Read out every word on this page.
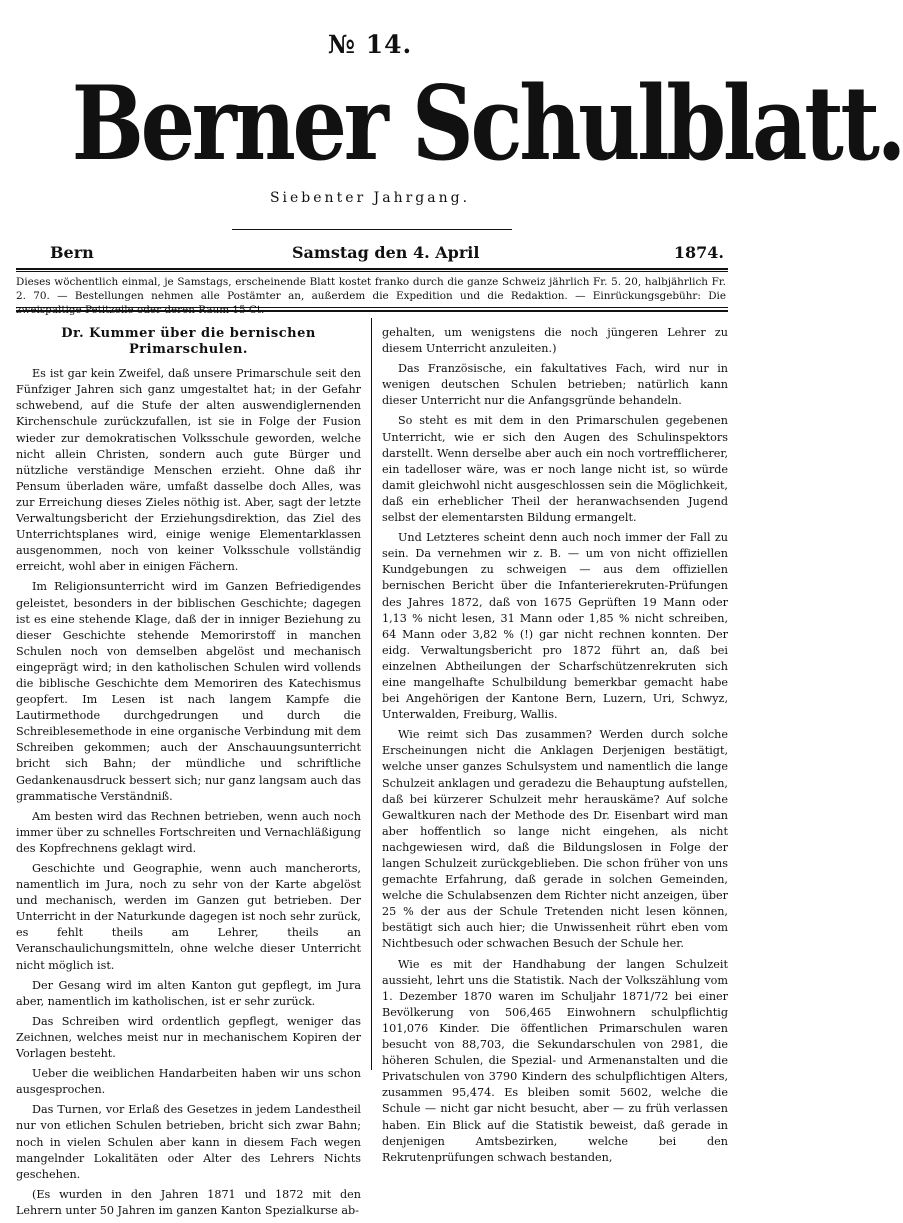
№ 14.
Berner Schulblatt.
Siebenter Jahrgang.
Bern	Samstag den 4. April	1874.
Dieses wöchentlich einmal, je Samstags, erscheinende Blatt kostet franko durch die ganze Schweiz jährlich Fr. 5. 20, halbjährlich Fr. 2. 70. — Bestellungen nehmen alle Postämter an, außerdem die Expedition und die Redaktion. — Einrückungsgebühr: Die zweispaltige Petitzeile oder deren Raum 15 Ct.
Dr. Kummer über die bernischen Primarschulen.

Es ist gar kein Zweifel, daß unsere Primarschule seit den Fünfziger Jahren sich ganz umgestaltet hat; in der Gefahr schwebend, auf die Stufe der alten auswendiglernenden Kirchenschule zurückzufallen, ist sie in Folge der Fusion wieder zur demokratischen Volksschule geworden, welche nicht allein Christen, sondern auch gute Bürger und nützliche verständige Menschen erzieht. Ohne daß ihr Pensum überladen wäre, umfaßt dasselbe doch Alles, was zur Erreichung dieses Zieles nöthig ist. Aber, sagt der letzte Verwaltungsbericht der Erziehungsdirektion, das Ziel des Unterrichtsplanes wird, einige wenige Elementarklassen ausgenommen, noch von keiner Volksschule vollständig erreicht, wohl aber in einigen Fächern.

Im Religionsunterricht wird im Ganzen Befriedigendes geleistet, besonders in der biblischen Geschichte; dagegen ist es eine stehende Klage, daß der in inniger Beziehung zu dieser Geschichte stehende Memorirstoff in manchen Schulen noch von demselben abgelöst und mechanisch eingeprägt wird; in den katholischen Schulen wird vollends die biblische Geschichte dem Memoriren des Katechismus geopfert. Im Lesen ist nach langem Kampfe die Lautirmethode durchgedrungen und durch die Schreiblesemethode in eine organische Verbindung mit dem Schreiben gekommen; auch der Anschauungsunterricht bricht sich Bahn; der mündliche und schriftliche Gedankenausdruck bessert sich; nur ganz langsam auch das grammatische Verständniß.

Am besten wird das Rechnen betrieben, wenn auch noch immer über zu schnelles Fortschreiten und Vernachläßigung des Kopfrechnens geklagt wird.

Geschichte und Geographie, wenn auch mancherorts, namentlich im Jura, noch zu sehr von der Karte abgelöst und mechanisch, werden im Ganzen gut betrieben. Der Unterricht in der Naturkunde dagegen ist noch sehr zurück, es fehlt theils am Lehrer, theils an Veranschaulichungsmitteln, ohne welche dieser Unterricht nicht möglich ist.

Der Gesang wird im alten Kanton gut gepflegt, im Jura aber, namentlich im katholischen, ist er sehr zurück.

Das Schreiben wird ordentlich gepflegt, weniger das Zeichnen, welches meist nur in mechanischem Kopiren der Vorlagen besteht.

Ueber die weiblichen Handarbeiten haben wir uns schon ausgesprochen.

Das Turnen, vor Erlaß des Gesetzes in jedem Landestheil nur von etlichen Schulen betrieben, bricht sich zwar Bahn; noch in vielen Schulen aber kann in diesem Fach wegen mangelnder Lokalitäten oder Alter des Lehrers Nichts geschehen.

(Es wurden in den Jahren 1871 und 1872 mit den Lehrern unter 50 Jahren im ganzen Kanton Spezialkurse ab-

gehalten, um wenigstens die noch jüngeren Lehrer zu diesem Unterricht anzuleiten.)

Das Französische, ein fakultatives Fach, wird nur in wenigen deutschen Schulen betrieben; natürlich kann dieser Unterricht nur die Anfangsgründe behandeln.

So steht es mit dem in den Primarschulen gegebenen Unterricht, wie er sich den Augen des Schulinspektors darstellt. Wenn derselbe aber auch ein noch vortrefflicherer, ein tadelloser wäre, was er noch lange nicht ist, so würde damit gleichwohl nicht ausgeschlossen sein die Möglichkeit, daß ein erheblicher Theil der heranwachsenden Jugend selbst der elementarsten Bildung ermangelt.

Und Letzteres scheint denn auch noch immer der Fall zu sein. Da vernehmen wir z. B. — um von nicht offiziellen Kundgebungen zu schweigen — aus dem offiziellen bernischen Bericht über die Infanterierekruten-Prüfungen des Jahres 1872, daß von 1675 Geprüften 19 Mann oder 1,13 % nicht lesen, 31 Mann oder 1,85 % nicht schreiben, 64 Mann oder 3,82 % (!) gar nicht rechnen konnten. Der eidg. Verwaltungsbericht pro 1872 führt an, daß bei einzelnen Abtheilungen der Scharfschützenrekruten sich eine mangelhafte Schulbildung bemerkbar gemacht habe bei Angehörigen der Kantone Bern, Luzern, Uri, Schwyz, Unterwalden, Freiburg, Wallis.

Wie reimt sich Das zusammen? Werden durch solche Erscheinungen nicht die Anklagen Derjenigen bestätigt, welche unser ganzes Schulsystem und namentlich die lange Schulzeit anklagen und geradezu die Behauptung aufstellen, daß bei kürzerer Schulzeit mehr herauskäme? Auf solche Gewaltkuren nach der Methode des Dr. Eisenbart wird man aber hoffentlich so lange nicht eingehen, als nicht nachgewiesen wird, daß die Bildungslosen in Folge der langen Schulzeit zurückgeblieben. Die schon früher von uns gemachte Erfahrung, daß gerade in solchen Gemeinden, welche die Schulabsenzen dem Richter nicht anzeigen, über 25 % der aus der Schule Tretenden nicht lesen können, bestätigt sich auch hier; die Unwissenheit rührt eben vom Nichtbesuch oder schwachen Besuch der Schule her.

Wie es mit der Handhabung der langen Schulzeit aussieht, lehrt uns die Statistik. Nach der Volkszählung vom 1. Dezember 1870 waren im Schuljahr 1871/72 bei einer Bevölkerung von 506,465 Einwohnern schulpflichtig 101,076 Kinder. Die öffentlichen Primarschulen waren besucht von 88,703, die Sekundarschulen von 2981, die höheren Schulen, die Spezial- und Armenanstalten und die Privatschulen von 3790 Kindern des schulpflichtigen Alters, zusammen 95,474. Es bleiben somit 5602, welche die Schule — nicht gar nicht besucht, aber — zu früh verlassen haben. Ein Blick auf die Statistik beweist, daß gerade in denjenigen Amtsbezirken, welche bei den Rekrutenprüfungen schwach bestanden,
